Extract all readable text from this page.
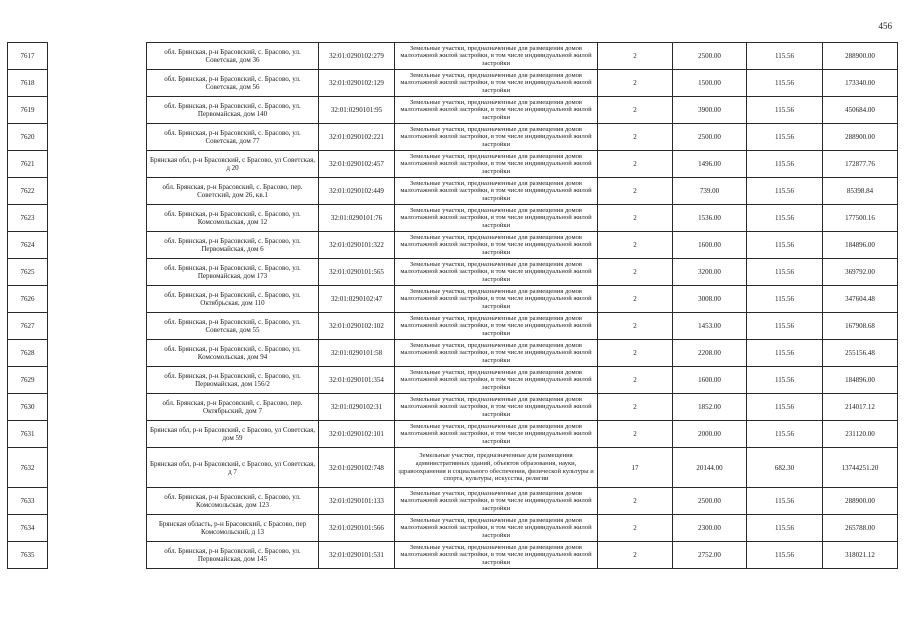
456
7617		обл. Брянская, р-н Брасовский, с. Брасово, ул. Советская, дом 36	32:01:0290102:279	Земельные участки, предназначенные для размещения домов малоэтажной жилой застройки, в том числе индивидуальной жилой застройки	2	2500.00	115.56	288900.00
7618		обл. Брянская, р-н Брасовский, с. Брасово, ул. Советская, дом 56	32:01:0290102:129	Земельные участки, предназначенные для размещения домов малоэтажной жилой застройки, в том числе индивидуальной жилой застройки	2	1500.00	115.56	173340.00
7619		обл. Брянская, р-н Брасовский, с. Брасово, ул. Первомайская, дом 140	32:01:0290101:95	Земельные участки, предназначенные для размещения домов малоэтажной жилой застройки, в том числе индивидуальной жилой застройки	2	3900.00	115.56	450684.00
7620		обл. Брянская, р-н Брасовский, с. Брасово, ул. Советская, дом 77	32:01:0290102:221	Земельные участки, предназначенные для размещения домов малоэтажной жилой застройки, в том числе индивидуальной жилой застройки	2	2500.00	115.56	288900.00
7621		Брянская обл, р-н Брасовский, с Брасово, ул Советская, д 20	32:01:0290102:457	Земельные участки, предназначенные для размещения домов малоэтажной жилой застройки, в том числе индивидуальной жилой застройки	2	1496.00	115.56	172877.76
7622		обл. Брянская, р-н Брасовский, с. Брасово, пер. Советский, дом 26, кв.1	32:01:0290102:449	Земельные участки, предназначенные для размещения домов малоэтажной жилой застройки, в том числе индивидуальной жилой застройки	2	739.00	115.56	85398.84
7623		обл. Брянская, р-н Брасовский, с. Брасово, ул. Комсомольская, дом 12	32:01:0290101:76	Земельные участки, предназначенные для размещения домов малоэтажной жилой застройки, в том числе индивидуальной жилой застройки	2	1536.00	115.56	177500.16
7624		обл. Брянская, р-н Брасовский, с. Брасово, ул. Первомайская, дом 6	32:01:0290101:322	Земельные участки, предназначенные для размещения домов малоэтажной жилой застройки, в том числе индивидуальной жилой застройки	2	1600.00	115.56	184896.00
7625		обл. Брянская, р-н Брасовский, с. Брасово, ул. Первомайская, дом 173	32:01:0290101:565	Земельные участки, предназначенные для размещения домов малоэтажной жилой застройки, в том числе индивидуальной жилой застройки	2	3200.00	115.56	369792.00
7626		обл. Брянская, р-н Брасовский, с. Брасово, ул. Октябрьская, дом 110	32:01:0290102:47	Земельные участки, предназначенные для размещения домов малоэтажной жилой застройки, в том числе индивидуальной жилой застройки	2	3008.00	115.56	347604.48
7627		обл. Брянская, р-н Брасовский, с. Брасово, ул. Советская, дом 55	32:01:0290102:102	Земельные участки, предназначенные для размещения домов малоэтажной жилой застройки, в том числе индивидуальной жилой застройки	2	1453.00	115.56	167908.68
7628		обл. Брянская, р-н Брасовский, с. Брасово, ул. Комсомольская, дом 94	32:01:0290101:58	Земельные участки, предназначенные для размещения домов малоэтажной жилой застройки, в том числе индивидуальной жилой застройки	2	2208.00	115.56	255156.48
7629		обл. Брянская, р-н Брасовский, с. Брасово, ул. Первомайская, дом 156/2	32:01:0290101:354	Земельные участки, предназначенные для размещения домов малоэтажной жилой застройки, в том числе индивидуальной жилой застройки	2	1600.00	115.56	184896.00
7630		обл. Брянская, р-н Брасовский, с. Брасово, пер. Октябрьский, дом 7	32:01:0290102:31	Земельные участки, предназначенные для размещения домов малоэтажной жилой застройки, в том числе индивидуальной жилой застройки	2	1852.00	115.56	214017.12
7631		Брянская обл, р-н Брасовский, с Брасово, ул Советская, дом 59	32:01:0290102:101	Земельные участки, предназначенные для размещения домов малоэтажной жилой застройки, в том числе индивидуальной жилой застройки	2	2000.00	115.56	231120.00
7632		Брянская обл, р-н Брасовский, с Брасово, ул Советская, д 7	32:01:0290102:748	Земельные участки, предназначенные для размещения административных зданий, объектов образования, науки, здравоохранения и социального обеспечения, физической культуры и спорта, культуры, искусства, религии	17	20144.00	682.30	13744251.20
7633		обл. Брянская, р-н Брасовский, с. Брасово, ул. Комсомольская, дом 123	32:01:0290101:133	Земельные участки, предназначенные для размещения домов малоэтажной жилой застройки, в том числе индивидуальной жилой застройки	2	2500.00	115.56	288900.00
7634		Брянская область, р-н Брасовский, с Брасово, пер Комсомольский, д 13	32:01:0290101:566	Земельные участки, предназначенные для размещения домов малоэтажной жилой застройки, в том числе индивидуальной жилой застройки	2	2300.00	115.56	265788.00
7635		обл. Брянская, р-н Брасовский, с. Брасово, ул. Первомайская, дом 145	32:01:0290101:531	Земельные участки, предназначенные для размещения домов малоэтажной жилой застройки, в том числе индивидуальной жилой застройки	2	2752.00	115.56	318021.12
